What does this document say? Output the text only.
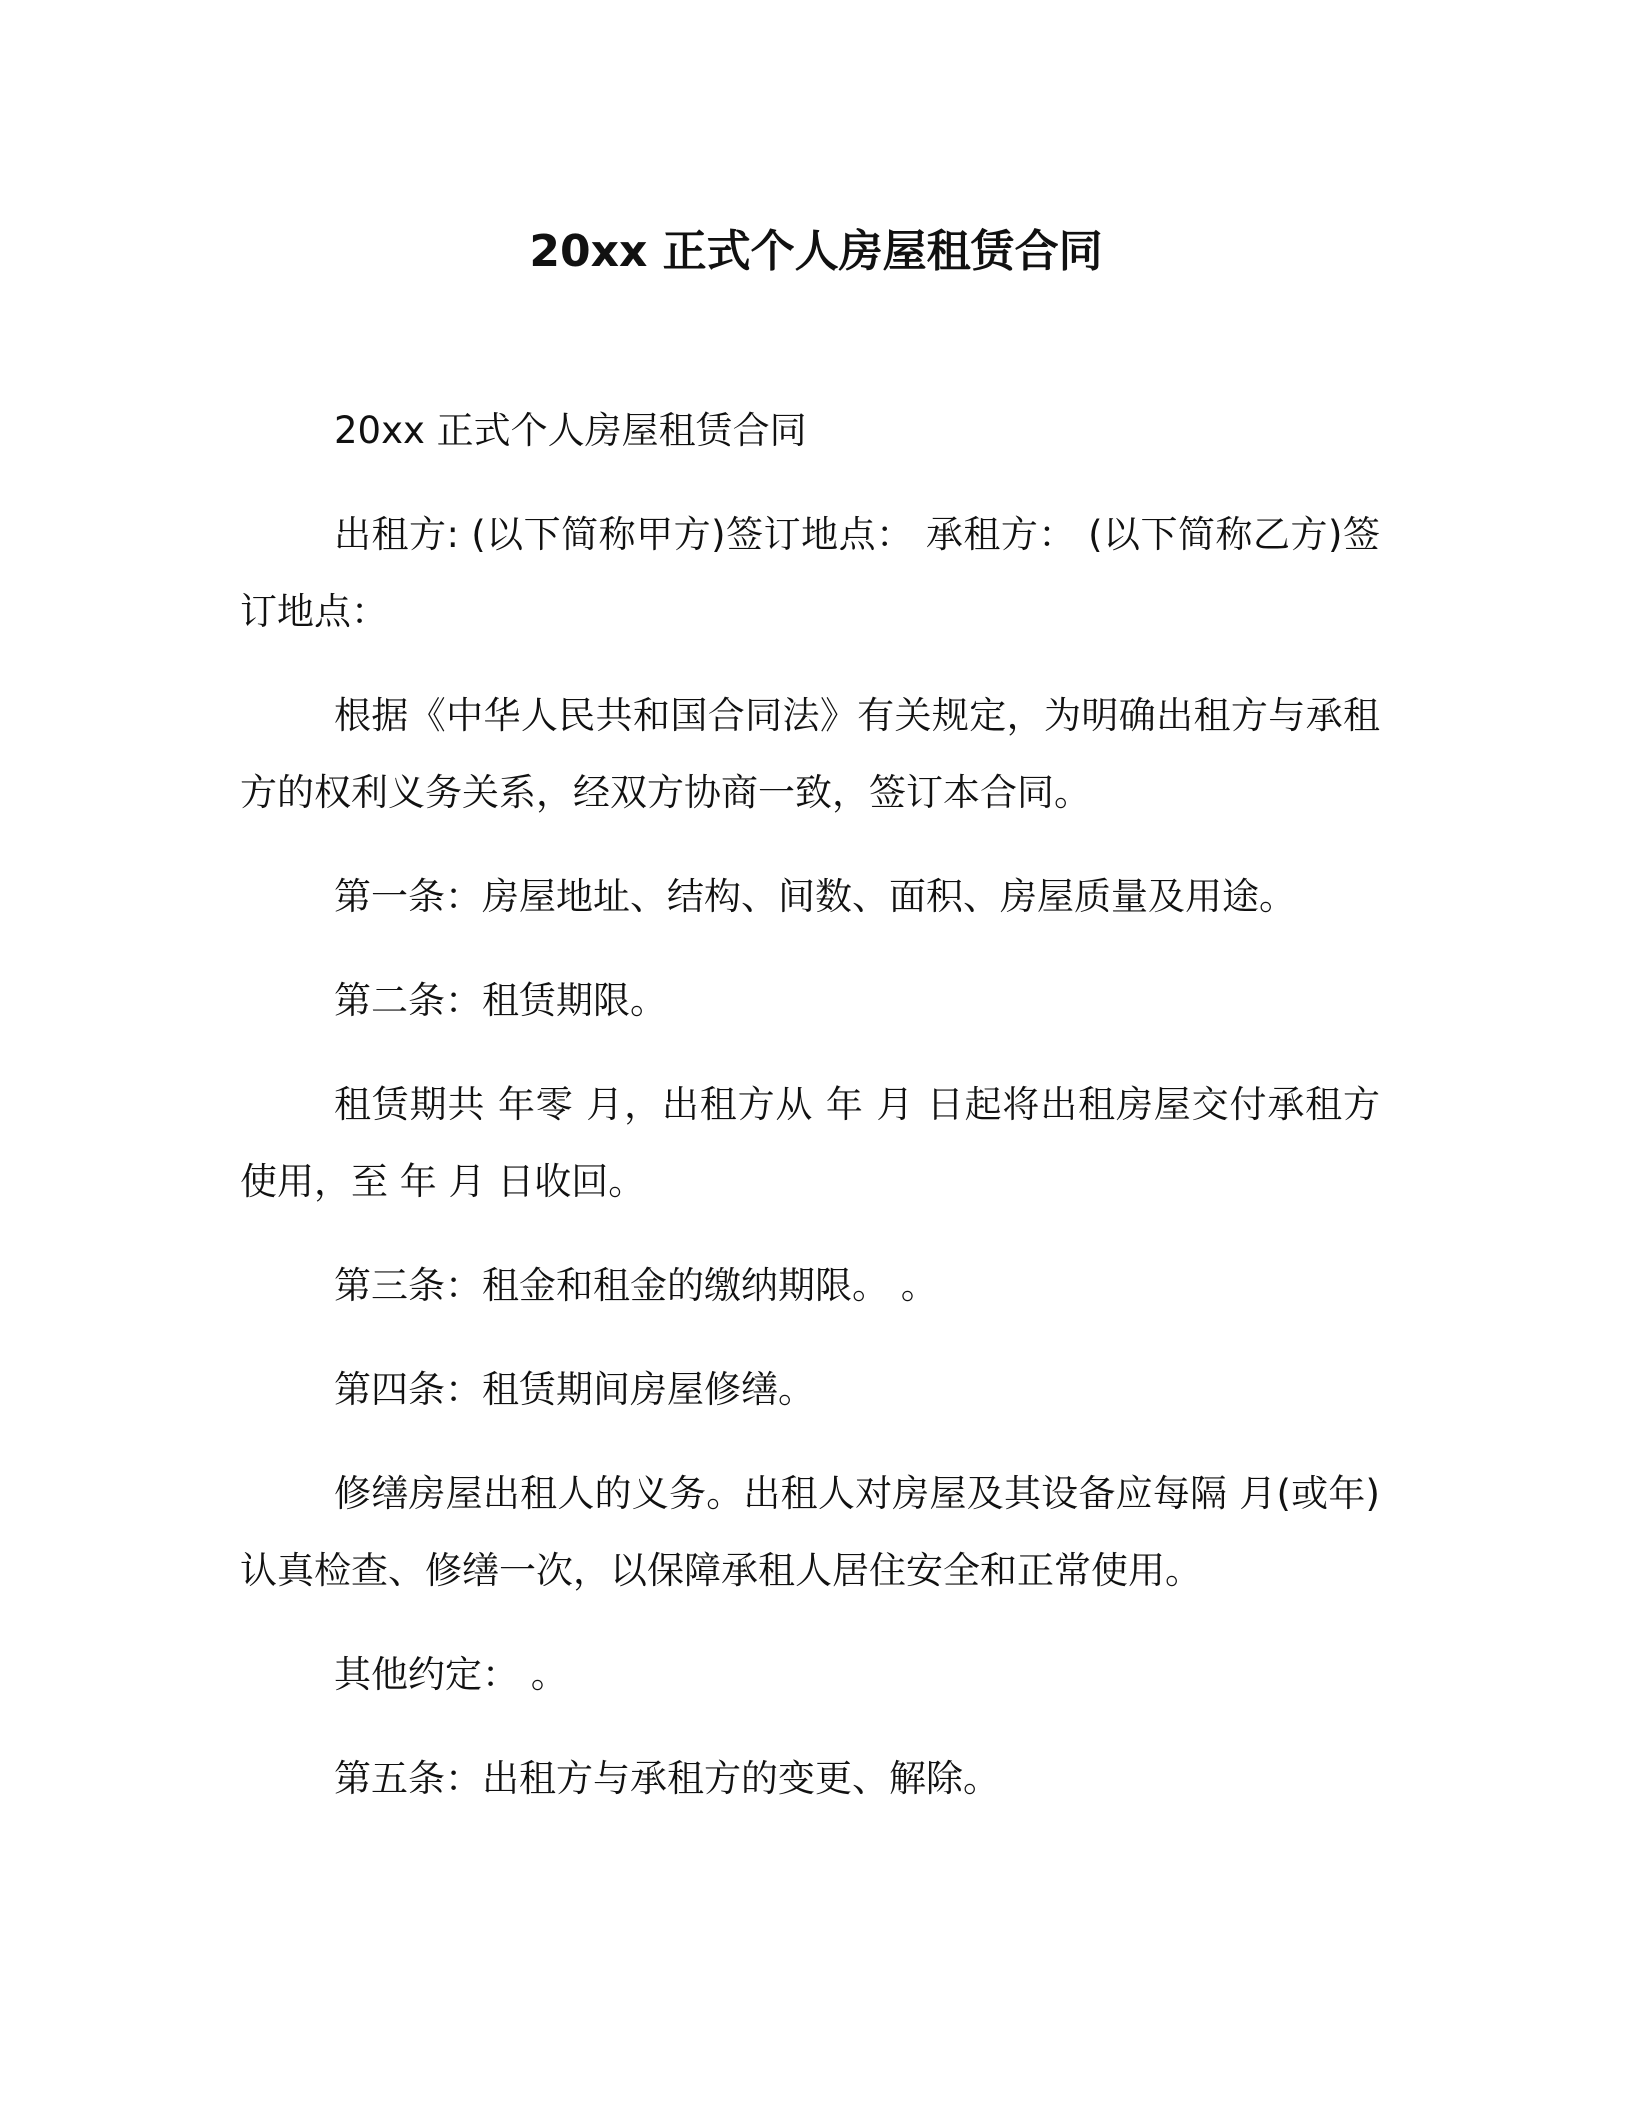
20xx 正式个人房屋租赁合同

20xx 正式个人房屋租赁合同

出租方: (以下简称甲方)签订地点： 承租方： (以下简称乙方)签订地点：

根据《中华人民共和国合同法》有关规定，为明确出租方与承租方的权利义务关系，经双方协商一致，签订本合同。

第一条：房屋地址、结构、间数、面积、房屋质量及用途。

第二条：租赁期限。

租赁期共 年零 月，出租方从 年 月 日起将出租房屋交付承租方使用，至 年 月 日收回。

第三条：租金和租金的缴纳期限。 。

第四条：租赁期间房屋修缮。

修缮房屋出租人的义务。出租人对房屋及其设备应每隔 月(或年)认真检查、修缮一次，以保障承租人居住安全和正常使用。

其他约定： 。

第五条：出租方与承租方的变更、解除。
